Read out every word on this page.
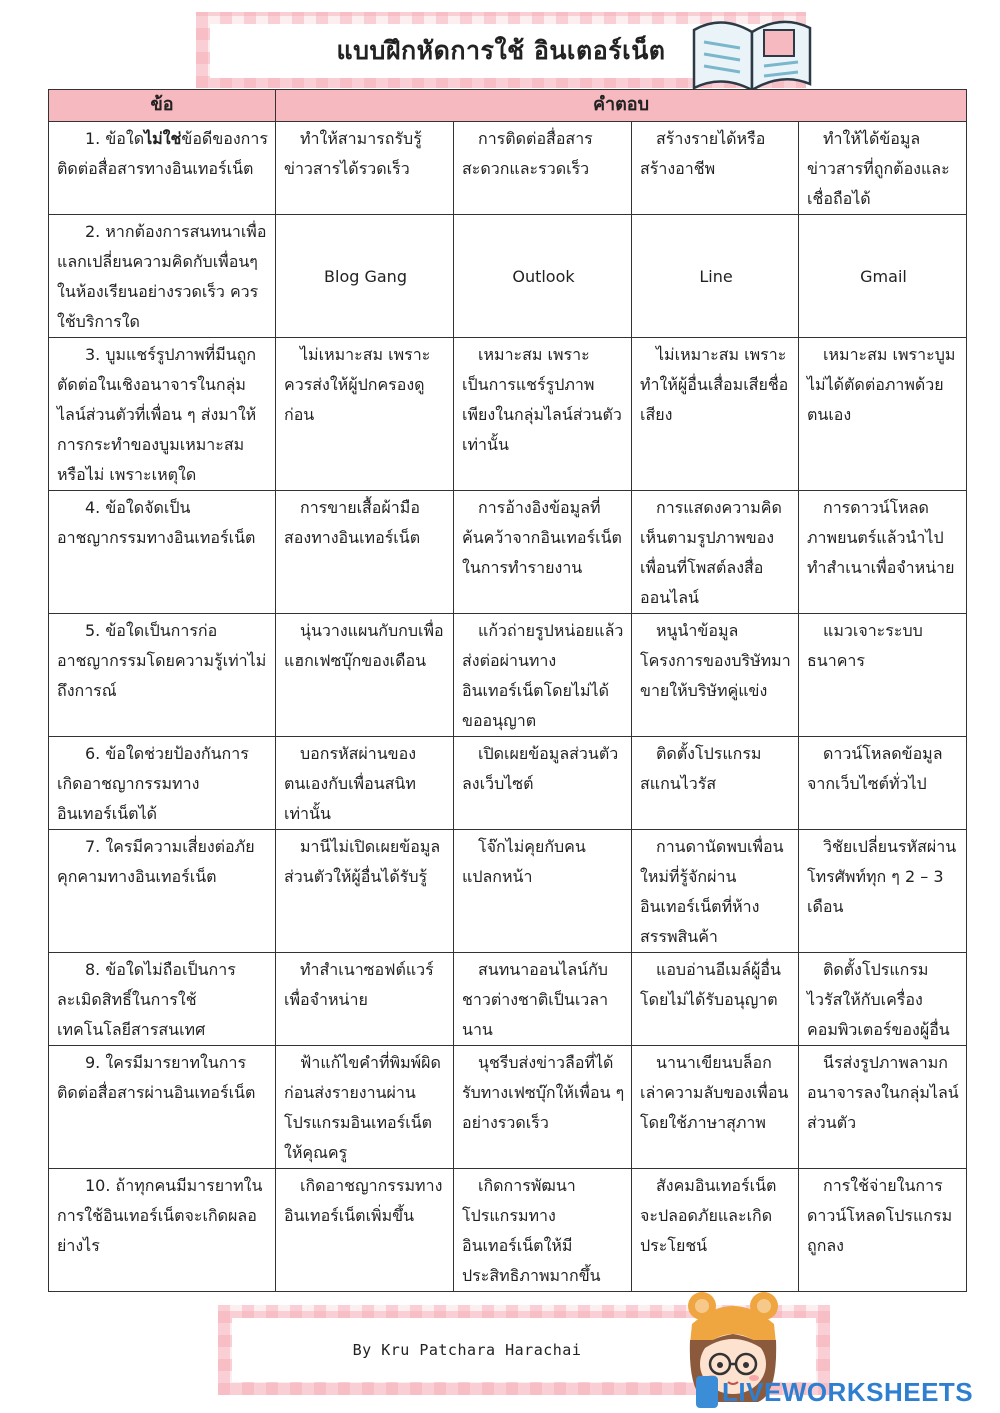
แบบฝึกหัดการใช้ อินเตอร์เน็ต
ข้อ	คำตอบ			
1. ข้อใดไม่ใช่ข้อดีของการติดต่อสื่อสารทางอินเทอร์เน็ต	ทำให้สามารถรับรู้ข่าวสารได้รวดเร็ว	การติดต่อสื่อสารสะดวกและรวดเร็ว	สร้างรายได้หรือสร้างอาชีพ	ทำให้ได้ข้อมูลข่าวสารที่ถูกต้องและเชื่อถือได้
2. หากต้องการสนทนาเพื่อแลกเปลี่ยนความคิดกับเพื่อนๆ ในห้องเรียนอย่างรวดเร็ว ควรใช้บริการใด	Blog Gang	Outlook	Line	Gmail
3. บูมแชร์รูปภาพที่มีนถูกตัดต่อในเชิงอนาจารในกลุ่มไลน์ส่วนตัวที่เพื่อน ๆ ส่งมาให้ การกระทำของบูมเหมาะสมหรือไม่ เพราะเหตุใด	ไม่เหมาะสม เพราะควรส่งให้ผู้ปกครองดูก่อน	เหมาะสม เพราะเป็นการแชร์รูปภาพเพียงในกลุ่มไลน์ส่วนตัวเท่านั้น	ไม่เหมาะสม เพราะทำให้ผู้อื่นเสื่อมเสียชื่อเสียง	เหมาะสม เพราะบูมไม่ได้ตัดต่อภาพด้วยตนเอง
4. ข้อใดจัดเป็นอาชญากรรมทางอินเทอร์เน็ต	การขายเสื้อผ้ามือสองทางอินเทอร์เน็ต	การอ้างอิงข้อมูลที่ค้นคว้าจากอินเทอร์เน็ตในการทำรายงาน	การแสดงความคิดเห็นตามรูปภาพของเพื่อนที่โพสต์ลงสื่อออนไลน์	การดาวน์โหลดภาพยนตร์แล้วนำไปทำสำเนาเพื่อจำหน่าย
5. ข้อใดเป็นการก่ออาชญากรรมโดยความรู้เท่าไม่ถึงการณ์	นุ่นวางแผนกับกบเพื่อแฮกเฟซบุ๊กของเดือน	แก้วถ่ายรูปหน่อยแล้วส่งต่อผ่านทางอินเทอร์เน็ตโดยไม่ได้ขออนุญาต	หนูนำข้อมูลโครงการของบริษัทมาขายให้บริษัทคู่แข่ง	แมวเจาะระบบธนาคาร
6. ข้อใดช่วยป้องกันการเกิดอาชญากรรมทางอินเทอร์เน็ตได้	บอกรหัสผ่านของตนเองกับเพื่อนสนิทเท่านั้น	เปิดเผยข้อมูลส่วนตัวลงเว็บไซต์	ติดตั้งโปรแกรมสแกนไวรัส	ดาวน์โหลดข้อมูลจากเว็บไซต์ทั่วไป
7. ใครมีความเสี่ยงต่อภัยคุกคามทางอินเทอร์เน็ต	มานีไม่เปิดเผยข้อมูลส่วนตัวให้ผู้อื่นได้รับรู้	โจ๊กไม่คุยกับคนแปลกหน้า	กานดานัดพบเพื่อนใหม่ที่รู้จักผ่านอินเทอร์เน็ตที่ห้างสรรพสินค้า	วิชัยเปลี่ยนรหัสผ่านโทรศัพท์ทุก ๆ 2 – 3 เดือน
8. ข้อใดไม่ถือเป็นการละเมิดสิทธิ์ในการใช้เทคโนโลยีสารสนเทศ	ทำสำเนาซอฟต์แวร์เพื่อจำหน่าย	สนทนาออนไลน์กับชาวต่างชาติเป็นเวลานาน	แอบอ่านอีเมล์ผู้อื่นโดยไม่ได้รับอนุญาต	ติดตั้งโปรแกรมไวรัสให้กับเครื่องคอมพิวเตอร์ของผู้อื่น
9. ใครมีมารยาทในการติดต่อสื่อสารผ่านอินเทอร์เน็ต	ฟ้าแก้ไขคำที่พิมพ์ผิดก่อนส่งรายงานผ่านโปรแกรมอินเทอร์เน็ตให้คุณครู	นุชรีบส่งข่าวลือที่ได้รับทางเฟซบุ๊กให้เพื่อน ๆ อย่างรวดเร็ว	นานาเขียนบล็อกเล่าความลับของเพื่อนโดยใช้ภาษาสุภาพ	นีรส่งรูปภาพลามกอนาจารลงในกลุ่มไลน์ส่วนตัว
10. ถ้าทุกคนมีมารยาทในการใช้อินเทอร์เน็ตจะเกิดผลอย่างไร	เกิดอาชญากรรมทางอินเทอร์เน็ตเพิ่มขึ้น	เกิดการพัฒนาโปรแกรมทางอินเทอร์เน็ตให้มีประสิทธิภาพมากขึ้น	สังคมอินเทอร์เน็ตจะปลอดภัยและเกิดประโยชน์	การใช้จ่ายในการดาวน์โหลดโปรแกรมถูกลง
By Kru Patchara Harachai
LIVEWORKSHEETS
